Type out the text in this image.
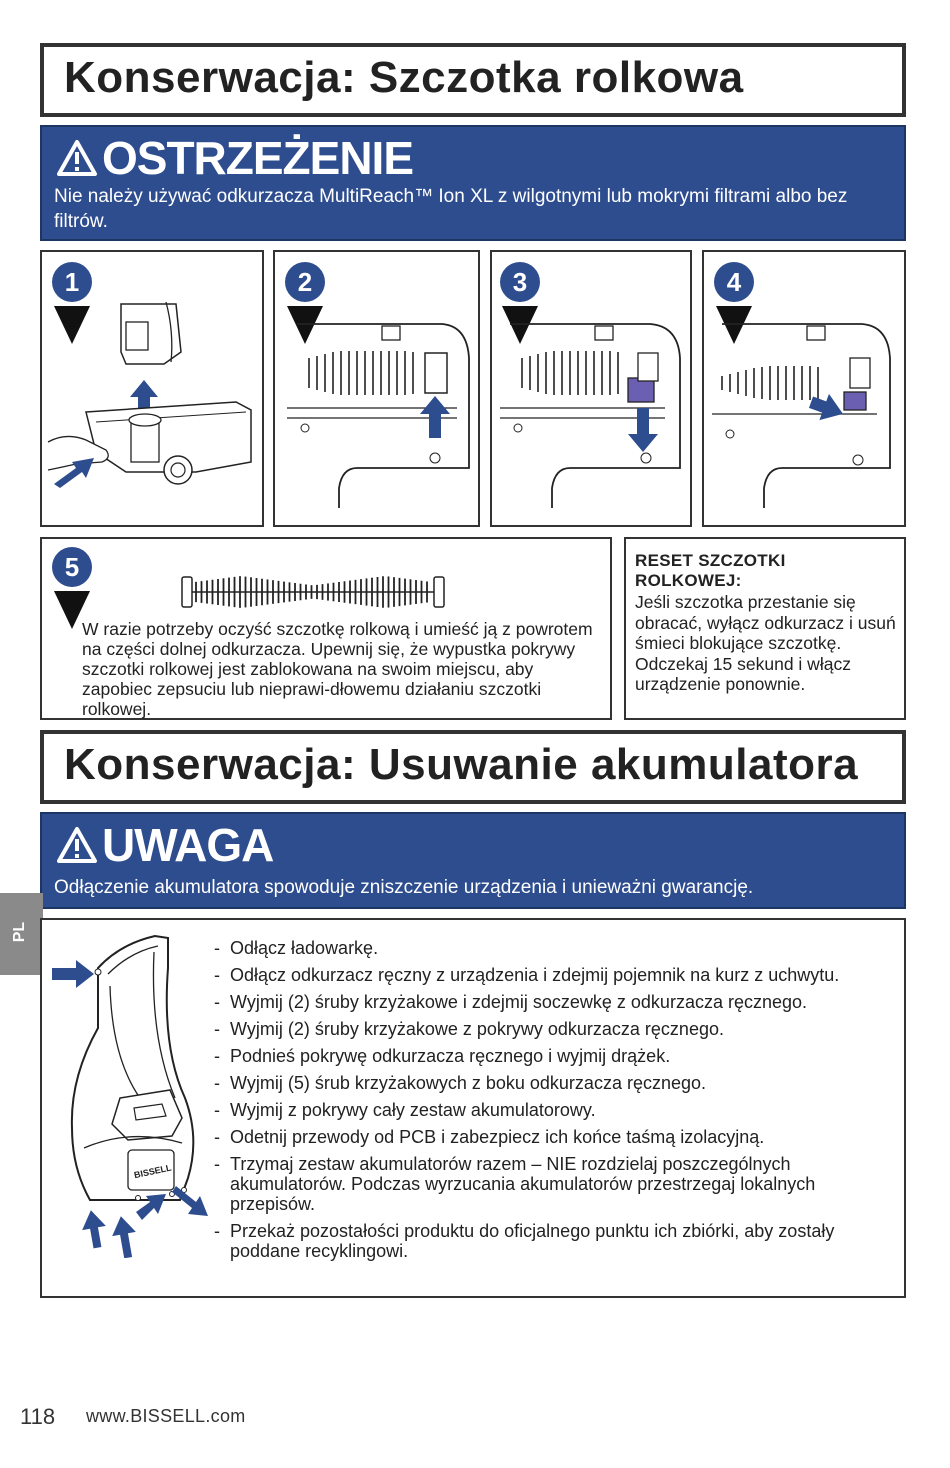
Konserwacja: Szczotka rolkowa
OSTRZEŻENIE
Nie należy używać odkurzacza MultiReach™ Ion XL z wilgotnymi lub mokrymi filtrami albo bez filtrów.
1	2	3	4
5
W razie potrzeby oczyść szczotkę rolkową i umieść ją z powrotem na części dolnej odkurzacza. Upewnij się, że wypustka pokrywy szczotki rolkowej jest zablokowana na swoim miejscu, aby zapobiec zepsuciu lub nieprawi-dłowemu działaniu szczotki rolkowej.
RESET SZCZOTKI ROLKOWEJ:
Jeśli szczotka przestanie się obracać, wyłącz odkurzacz i usuń śmieci blokujące szczotkę. Odczekaj 15 sekund i włącz urządzenie ponownie.
Konserwacja: Usuwanie akumulatora
UWAGA
Odłączenie akumulatora spowoduje zniszczenie urządzenia i unieważni gwarancję.
PL
BISSELL
- Odłącz ładowarkę.
- Odłącz odkurzacz ręczny z urządzenia i zdejmij pojemnik na kurz z uchwytu.
- Wyjmij (2) śruby krzyżakowe i zdejmij soczewkę z odkurzacza ręcznego.
- Wyjmij (2) śruby krzyżakowe z pokrywy odkurzacza ręcznego.
- Podnieś pokrywę odkurzacza ręcznego i wyjmij drążek.
- Wyjmij (5) śrub krzyżakowych z boku odkurzacza ręcznego.
- Wyjmij z pokrywy cały zestaw akumulatorowy.
- Odetnij przewody od PCB i zabezpiecz ich końce taśmą izolacyjną.
- Trzymaj zestaw akumulatorów razem – NIE rozdzielaj poszczególnych akumulatorów. Podczas wyrzucania akumulatorów przestrzegaj lokalnych przepisów.
- Przekaż pozostałości produktu do oficjalnego punktu ich zbiórki, aby zostały poddane recyklingowi.
118 www.BISSELL.com
